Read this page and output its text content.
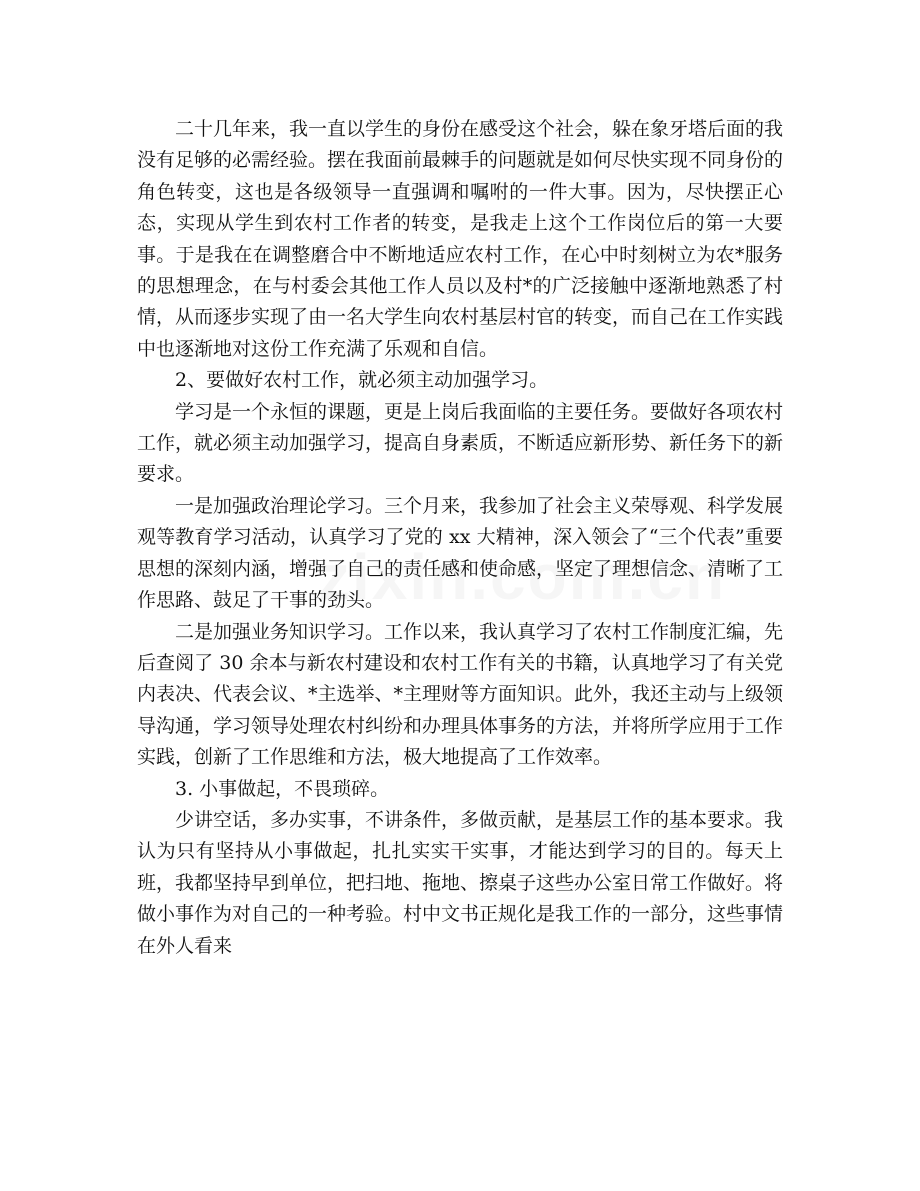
二十几年来，我一直以学生的身份在感受这个社会，躲在象牙塔后面的我没有足够的必需经验。摆在我面前最棘手的问题就是如何尽快实现不同身份的角色转变，这也是各级领导一直强调和嘱咐的一件大事。因为，尽快摆正心态，实现从学生到农村工作者的转变，是我走上这个工作岗位后的第一大要事。于是我在在调整磨合中不断地适应农村工作，在心中时刻树立为农*服务的思想理念，在与村委会其他工作人员以及村*的广泛接触中逐渐地熟悉了村情，从而逐步实现了由一名大学生向农村基层村官的转变，而自己在工作实践中也逐渐地对这份工作充满了乐观和自信。

2、要做好农村工作，就必须主动加强学习。

学习是一个永恒的课题，更是上岗后我面临的主要任务。要做好各项农村工作，就必须主动加强学习，提高自身素质，不断适应新形势、新任务下的新要求。

一是加强政治理论学习。三个月来，我参加了社会主义荣辱观、科学发展观等教育学习活动，认真学习了党的 xx 大精神，深入领会了“三个代表”重要思想的深刻内涵，增强了自己的责任感和使命感，坚定了理想信念、清晰了工作思路、鼓足了干事的劲头。

二是加强业务知识学习。工作以来，我认真学习了农村工作制度汇编，先后查阅了 30 余本与新农村建设和农村工作有关的书籍，认真地学习了有关党内表决、代表会议、*主选举、*主理财等方面知识。此外，我还主动与上级领导沟通，学习领导处理农村纠纷和办理具体事务的方法，并将所学应用于工作实践，创新了工作思维和方法，极大地提高了工作效率。

3. 小事做起，不畏琐碎。

少讲空话，多办实事，不讲条件，多做贡献，是基层工作的基本要求。我认为只有坚持从小事做起，扎扎实实干实事，才能达到学习的目的。每天上班，我都坚持早到单位，把扫地、拖地、擦桌子这些办公室日常工作做好。将做小事作为对自己的一种考验。村中文书正规化是我工作的一部分，这些事情在外人看来
